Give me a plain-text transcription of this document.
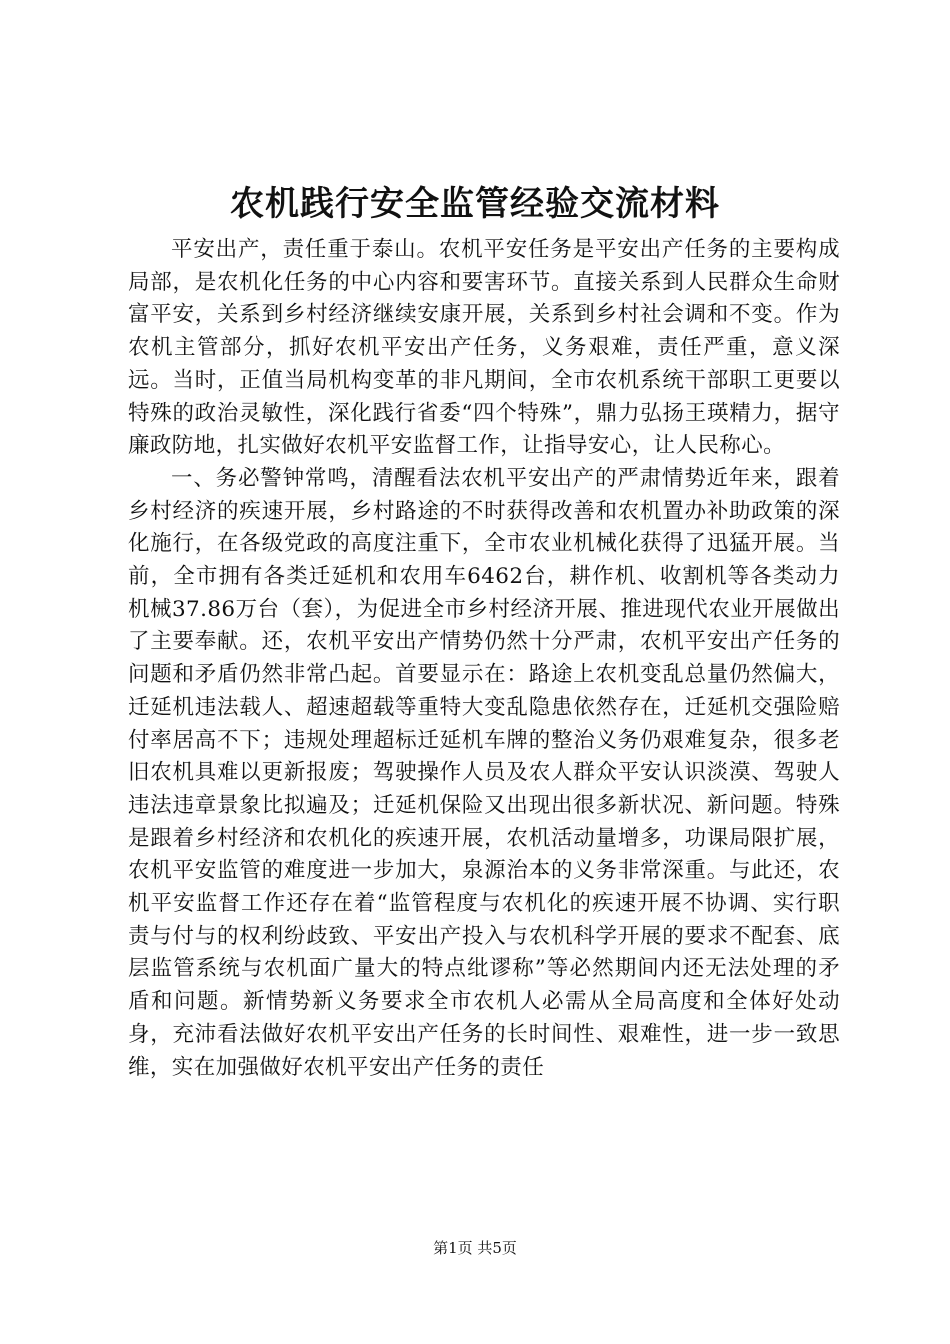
农机践行安全监管经验交流材料

平安出产，责任重于泰山。农机平安任务是平安出产任务的主要构成局部，是农机化任务的中心内容和要害环节。直接关系到人民群众生命财富平安，关系到乡村经济继续安康开展，关系到乡村社会调和不变。作为农机主管部分，抓好农机平安出产任务，义务艰难，责任严重，意义深远。当时，正值当局机构变革的非凡期间，全市农机系统干部职工更要以特殊的政治灵敏性，深化践行省委“四个特殊”，鼎力弘扬王瑛精力，据守廉政防地，扎实做好农机平安监督工作，让指导安心，让人民称心。

一、务必警钟常鸣，清醒看法农机平安出产的严肃情势近年来，跟着乡村经济的疾速开展，乡村路途的不时获得改善和农机置办补助政策的深化施行，在各级党政的高度注重下，全市农业机械化获得了迅猛开展。当前，全市拥有各类迁延机和农用车6462台，耕作机、收割机等各类动力机械37.86万台（套），为促进全市乡村经济开展、推进现代农业开展做出了主要奉献。还，农机平安出产情势仍然十分严肃，农机平安出产任务的问题和矛盾仍然非常凸起。首要显示在：路途上农机变乱总量仍然偏大，迁延机违法载人、超速超载等重特大变乱隐患依然存在，迁延机交强险赔付率居高不下；违规处理超标迁延机车牌的整治义务仍艰难复杂，很多老旧农机具难以更新报废；驾驶操作人员及农人群众平安认识淡漠、驾驶人违法违章景象比拟遍及；迁延机保险又出现出很多新状况、新问题。特殊是跟着乡村经济和农机化的疾速开展，农机活动量增多，功课局限扩展，农机平安监管的难度进一步加大，泉源治本的义务非常深重。与此还，农机平安监督工作还存在着“监管程度与农机化的疾速开展不协调、实行职责与付与的权利纷歧致、平安出产投入与农机科学开展的要求不配套、底层监管系统与农机面广量大的特点纰谬称”等必然期间内还无法处理的矛盾和问题。新情势新义务要求全市农机人必需从全局高度和全体好处动身，充沛看法做好农机平安出产任务的长时间性、艰难性，进一步一致思维，实在加强做好农机平安出产任务的责任

第1页 共5页
